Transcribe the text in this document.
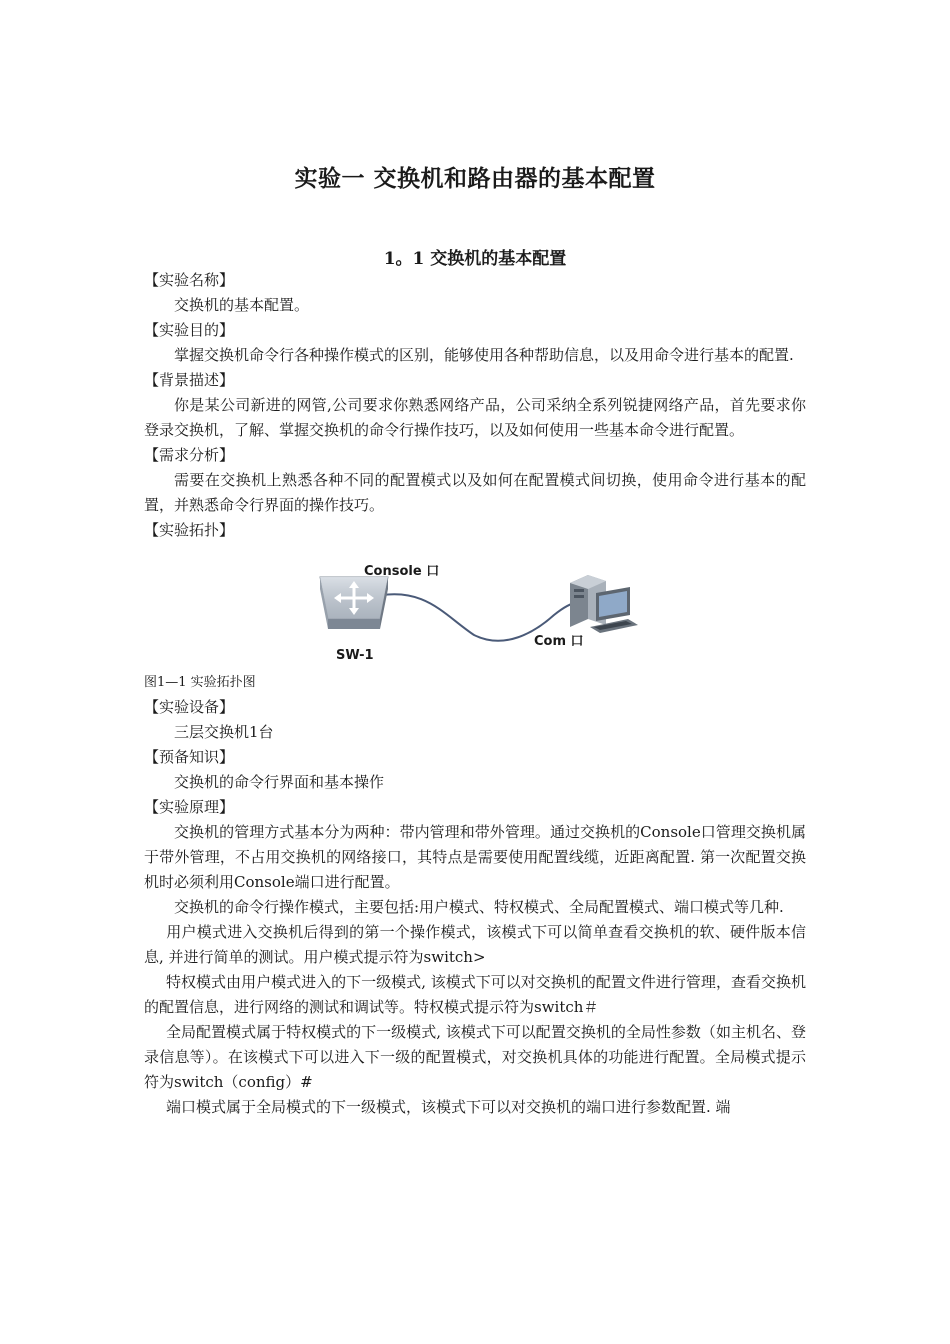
实验一 交换机和路由器的基本配置
1。1 交换机的基本配置

【实验名称】

交换机的基本配置。

【实验目的】

掌握交换机命令行各种操作模式的区别，能够使用各种帮助信息，以及用命令进行基本的配置.

【背景描述】

你是某公司新进的网管,公司要求你熟悉网络产品，公司采纳全系列锐捷网络产品，首先要求你登录交换机，了解、掌握交换机的命令行操作技巧，以及如何使用一些基本命令进行配置。

【需求分析】

需要在交换机上熟悉各种不同的配置模式以及如何在配置模式间切换，使用命令进行基本的配置，并熟悉命令行界面的操作技巧。

【实验拓扑】

Console 口
Com 口
SW-1

图1—1 实验拓扑图

【实验设备】

三层交换机1台

【预备知识】

交换机的命令行界面和基本操作

【实验原理】

交换机的管理方式基本分为两种：带内管理和带外管理。通过交换机的Console口管理交换机属于带外管理，不占用交换机的网络接口，其特点是需要使用配置线缆，近距离配置. 第一次配置交换机时必须利用Console端口进行配置。

交换机的命令行操作模式，主要包括:用户模式、特权模式、全局配置模式、端口模式等几种.

用户模式进入交换机后得到的第一个操作模式，该模式下可以简单查看交换机的软、硬件版本信息, 并进行简单的测试。用户模式提示符为switch>

特权模式由用户模式进入的下一级模式, 该模式下可以对交换机的配置文件进行管理，查看交换机的配置信息，进行网络的测试和调试等。特权模式提示符为switch＃

全局配置模式属于特权模式的下一级模式, 该模式下可以配置交换机的全局性参数（如主机名、登录信息等）。在该模式下可以进入下一级的配置模式，对交换机具体的功能进行配置。全局模式提示符为switch（config）#

端口模式属于全局模式的下一级模式，该模式下可以对交换机的端口进行参数配置. 端
